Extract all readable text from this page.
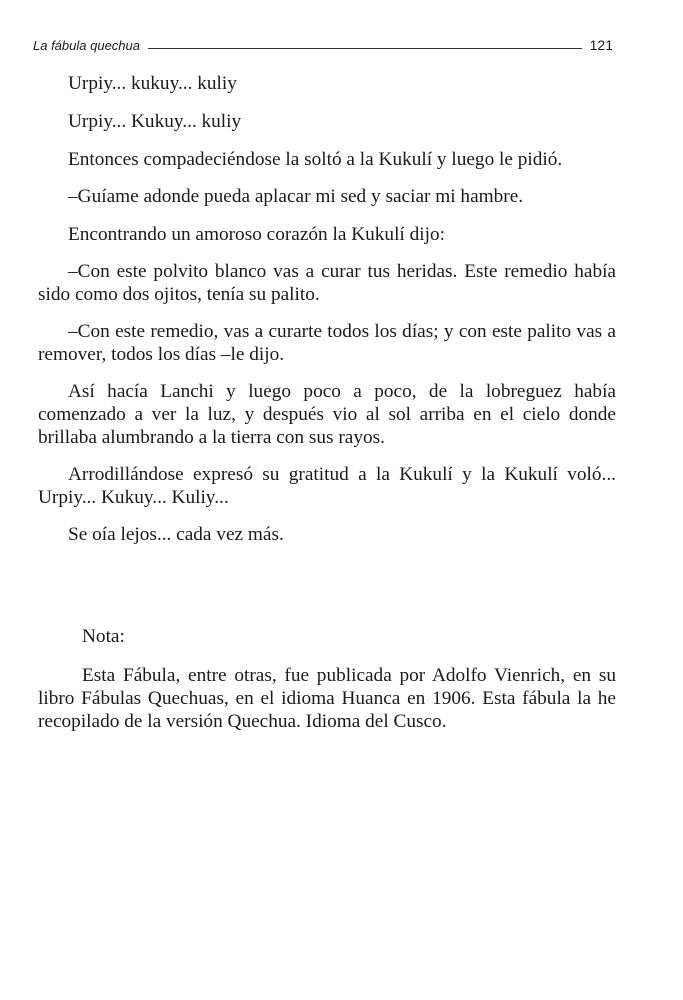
La fábula quechua	121

Urpiy... kukuy... kuliy

Urpiy... Kukuy... kuliy

Entonces compadeciéndose la soltó a la Kukulí y luego le pidió.

–Guíame adonde pueda aplacar mi sed y saciar mi hambre.

Encontrando un amoroso corazón la Kukulí dijo:

–Con este polvito blanco vas a curar tus heridas. Este remedio había sido como dos ojitos, tenía su palito.

–Con este remedio, vas a curarte todos los días; y con este palito vas a remover, todos los días –le dijo.

Así hacía Lanchi y luego poco a poco, de la lobreguez había comenzado a ver la luz, y después vio al sol arriba en el cielo donde brillaba alumbrando a la tierra con sus rayos.

Arrodillándose expresó su gratitud a la Kukulí y la Kukulí voló... Urpiy... Kukuy... Kuliy...

Se oía lejos... cada vez más.

Nota:

Esta Fábula, entre otras, fue publicada por Adolfo Vienrich, en su libro Fábulas Quechuas, en el idioma Huanca en 1906. Esta fábula la he recopilado de la versión Quechua. Idioma del Cusco.
